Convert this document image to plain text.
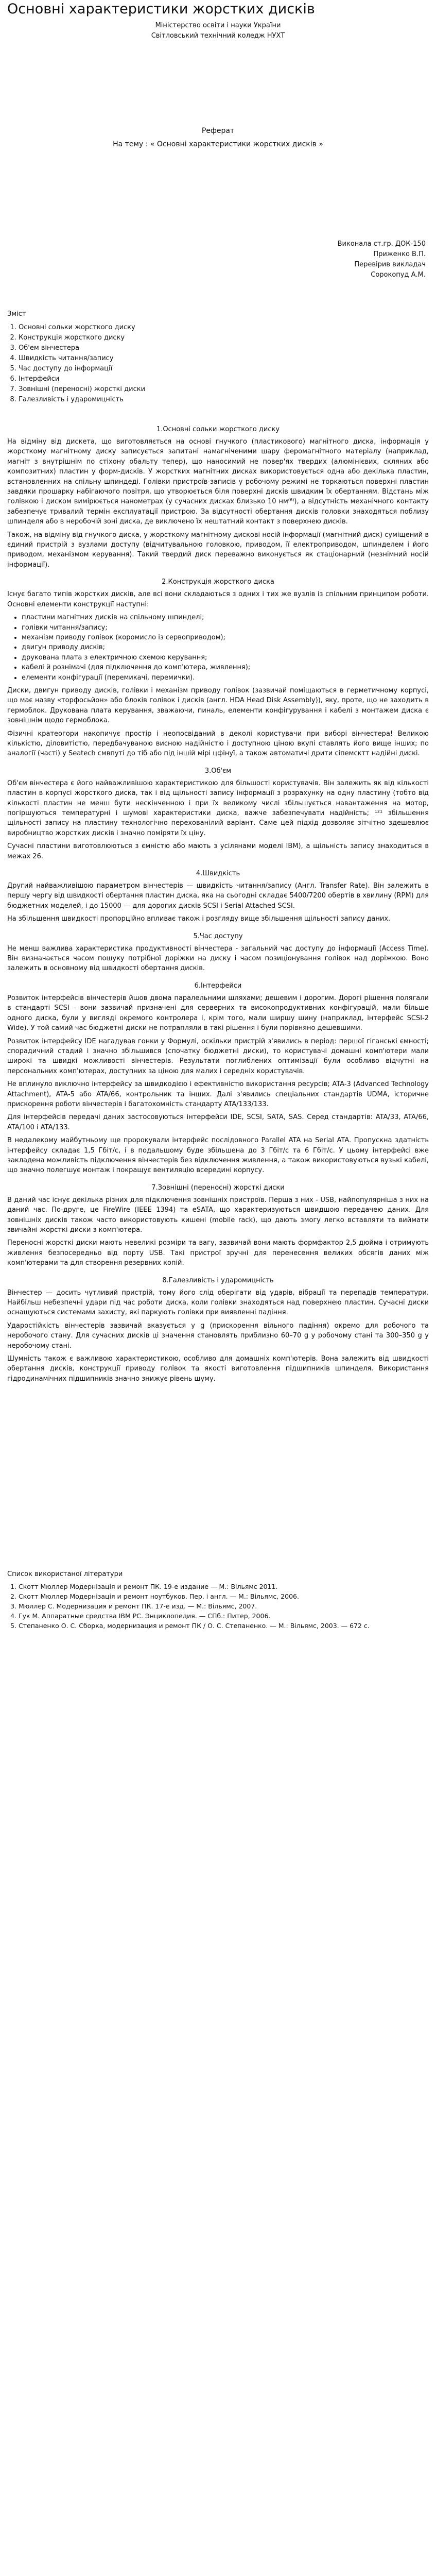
Основні характеристики жорстких дисків
Міністерство освіти і науки України
Світловський технічний коледж НУХТ
Реферат
На тему : « Основні характеристики жорстких дисків »
Виконала ст.гр. ДОК-150
Приженко В.П.
Перевірив викладач
Сорокопуд А.М.
Зміст
1. Основні сольки жорсткого диску
2. Конструкція жорсткого диску
3. Об'ем вінчестера
4. Швидкість читання/запису
5. Час доступу до інформації
6. Інтерфейси
7. Зовнішні (переносні) жорсткі диски
8. Галезливість і ударомицність
1.Основні сольки жорсткого диску

На відміну від дискета, що виготовляється на основі гнучкого (пластикового) магнітного диска, інформація у жорсткому магнітному диску записується запитані намагніченими шару феромагнітного матеріалу (наприклад, магніт з внутрішнім по стіхону обальту тепер), що наносимий не повер'ях твердих (алюмінієвих, скляних або композитних) пластин у форм-дисків. У жорстких магнітних дисках використовується одна або декілька пластин, встановленних на спільну шпиндеді. Голівки пристроїв-записів у робочому режимі не торкаються поверхні пластин завдяки прошарку набігаючого повітря, що утворюється біля поверхні дисків швидким їх обертанням. Відстань між голівкою і диском вимірюється нанометрах (у сучасних дисках близько 10 нм⁽⁶⁾), а відсутність механічного контакту забезпечує тривалий термін експлуатації пристрою. За відсутності обертання дисків головки знаходяться поблизу шпинделя або в неробочій зоні диска, де виключено їх нештатний контакт з поверхнею дисків.

Також, на відміну від гнучкого диска, у жорсткому магнітному дискові носій інформації (магнітний диск) суміщений в єдиний пристрій з вузлами доступу (відчитувальною головкою, приводом, її електроприводом, шпинделем і його приводом, механізмом керування). Такий твердий диск переважно виконується як стаціонарний (незнімний носій інформації).

2.Конструкція жорсткого диска

Існує багато типів жорстких дисків, але всі вони складаються з одних і тих же вузлів із спільним принципом роботи. Основні елементи конструкції наступні:

• пластини магнітних дисків на спільному шпинделі;
• голівки читання/запису;
• механізм приводу голівок (коромисло із сервоприводом);
• двигун приводу дисків;
• друкована плата з електричною схемою керування;
• кабелі й рознімачі (для підключення до комп'ютера, живлення);
• елементи конфігурації (перемикачі, перемички).

Диски, двигун приводу дисків, голівки і механізм приводу голівок (зазвичай поміщаються в герметичному корпусі, що має назву «торфосьйон» або блоків голівок і дисків (англ. HDA Head Disk Assembly)), яку, проте, що не заходить в гермоблок. Друкована плата керування, зважаючи, пиналь, елементи конфігурування і кабелі з монтажем диска є зовнішнім щодо гермоблока.

Фізичні кратеогори накопичує простір і неопосвіданий в деколі користувачи при виборі вінчестера! Великою кількістю, діловитістю, передбачуваною висною надійністю і доступною ціною вкупі ставлять його вище інших; по аналогії (часті) у Seatech смвпуті до тіб або під іншій мірі цфінуї, а також автоматичі дрити сіпемсктт надійні дискі.

3.Об'єм

Об'єм вінчестера є його найважливішою характеристикою для більшості користувачів. Він залежить як від кількості пластин в корпусі жорсткого диска, так і від щільності запису інформації з розрахунку на одну пластину (тобто від кількості пластин не менш бути нескінченною і при їх великому числі збільшується навантаження на мотор, погіршуються температурні і шумові характеристики диска, важче забезпечувати надійність; ¹²¹ збільшення щільності запису на пластину технологічно перехованілий варіант. Саме цей підхід дозволяє зітчітно здешевлює виробництво жорстких дисків і значно поміряти їх ціну.

Сучасні пластини виготовлюються з ємністю або мають з усілянами моделі IBM), а щільність запису знаходиться в межах 26.

4.Швидкість

Другий найважливішою параметром вінчестерів — швидкість читання/запису (Англ. Transfer Rate). Він залежить в першу чергу від швидкості обертання пластин диска, яка на сьогодні складає 5400/7200 обертів в хвилину (RPM) для бюджетних моделей, і до 15000 — для дорогих дисків SCSI і Serial Attached SCSI.

На збільшення швидкості пропорційно впливає також і розгляду вище збільшення щільності запису даних.

5.Час доступу

Не менш важлива характеристика продуктивності вінчестера - загальний час доступу до інформації (Access Time). Він визначається часом пошуку потрібної доріжки на диску і часом позиціонування голівок над доріжкою. Воно залежить в основному від швидкості обертання дисків.

6.Інтерфейси

Розвиток інтерфейсів вінчестерів йшов двома паралельними шляхами; дешевим і дорогим. Дорогі рішення полягали в стандарті SCSI - вони зазвичай призначені для серверних та високопродуктивних конфігурацій, мали більше одного диска, були у вигляді окремого контролера і, крім того, мали ширшу шину (наприклад, інтерфейс SCSI-2 Wide). У той самий час бюджетні диски не потрапляли в такі рішення і були порівняно дешевшими.

Розвиток інтерфейсу IDE нагадував гонки у Формулі, оскільки пристрій з'явились в період: першої гіганські ємності; спорадичний стадий і значно збільшився (спочатку бюджетні диски), то користувачі домашні комп'ютери мали широкі та швидкі можливості вінчестерів. Результати поглиблених оптимізації були особливо відчутні на персональних комп'ютерах, доступних за ціною для малих і середніх користувачів.

Не вплинуло виключно інтерфейсу за швидкодією і ефективністю використання ресурсів; ATA-3 (Advanced Technology Attachment), ATA-5 або ATA/66, контрольник та інших. Далі з'явились спеціальних стандартів UDMA, історичне прискорення роботи вінчестерів і багатохомність стандарту ATA/133/133.

Для інтерфейсів передачі даних застосовуються інтерфейси IDE, SCSI, SATA, SAS. Серед стандартів: ATA/33, ATA/66, ATA/100 і ATA/133.

В недалекому майбутньому ще пророкували інтерфейс послідовного Parallel ATA на Serial ATA. Пропускна здатність інтерфейсу складає 1,5 Гбіт/с, і в подальшому буде збільшена до 3 Гбіт/с та 6 Гбіт/с. У цьому інтерфейсі вже закладена можливість підключення вінчестерів без відключення живлення, а також використовуються вузькі кабелі, що значно полегшує монтаж і покращує вентиляцію всередині корпусу.

7.Зовнішні (переносні) жорсткі диски

В даний час існує декілька різних для підключення зовнішніх пристроїв. Перша з них - USB, найпопулярніша з них на даний час. По-друге, це FireWire (IEEE 1394) та eSATA, що характеризуються швидшою передачею даних. Для зовнішніх дисків також часто використовують кишені (mobile rack), що дають змогу легко вставляти та виймати звичайні жорсткі диски з комп'ютера.

Переносні жорсткі диски мають невеликі розміри та вагу, зазвичай вони мають формфактор 2,5 дюйма і отримують живлення безпосередньо від порту USB. Такі пристрої зручні для перенесення великих обсягів даних між комп'ютерами та для створення резервних копій.

8.Галезливість і ударомицність

Вінчестер — досить чутливий пристрій, тому його слід оберігати від ударів, вібрації та перепадів температури. Найбільш небезпечні удари під час роботи диска, коли голівки знаходяться над поверхнею пластин. Сучасні диски оснащуються системами захисту, які паркують голівки при виявленні падіння.

Ударостійкість вінчестерів зазвичай вказується у g (прискорення вільного падіння) окремо для робочого та неробочого стану. Для сучасних дисків ці значення становлять приблизно 60–70 g у робочому стані та 300–350 g у неробочому стані.

Шумність також є важливою характеристикою, особливо для домашніх комп'ютерів. Вона залежить від швидкості обертання дисків, конструкції приводу голівок та якості виготовлення підшипників шпинделя. Використання гідродинамічних підшипників значно знижує рівень шуму.

Список використаної літератури
1. Скотт Мюллер Модернізація и ремонт ПК. 19-е издание — М.: Вільямс 2011.
2. Скотт Мюллер Модернізація и ремонт ноутбуков. Пер. і англ. — М.: Вільямс, 2006.
3. Мюллер С. Модернизация и ремонт ПК. 17-е изд. — М.: Вільямс, 2007.
4. Гук М. Аппаратные средства IBM PC. Энциклопедия. — СПб.: Питер, 2006.
5. Степаненко О. С. Сборка, модернизация и ремонт ПК / О. С. Степаненко. — М.: Вільямс, 2003. — 672 с.
